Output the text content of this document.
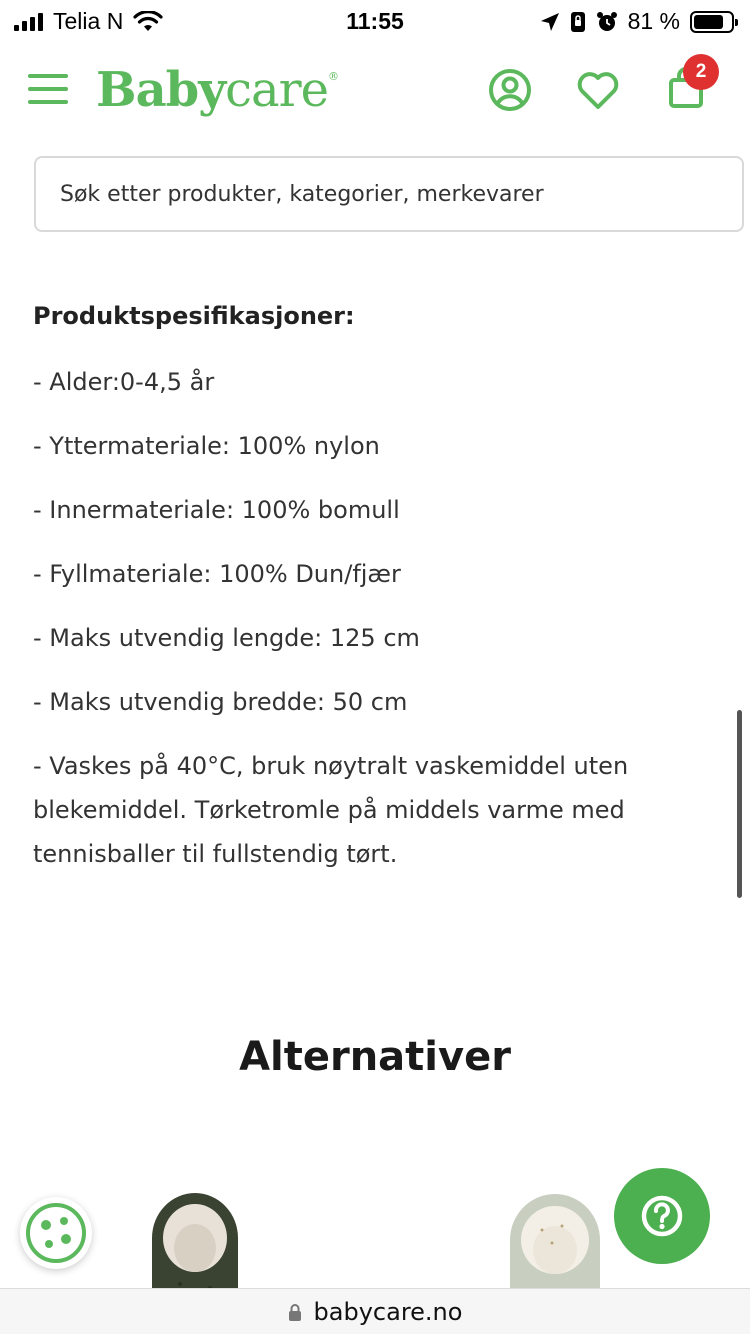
Telia N	11:55	81 %
Babycare®	2
Søk etter produkter, kategorier, merkevarer
Produktspesifikasjoner:

- Alder:0-4,5 år

- Yttermateriale: 100% nylon

- Innermateriale: 100% bomull

- Fyllmateriale: 100% Dun/fjær

- Maks utvendig lengde: 125 cm

- Maks utvendig bredde: 50 cm

- Vaskes på 40°C, bruk nøytralt vaskemiddel uten blekemiddel. Tørketromle på middels varme med tennisballer til fullstendig tørt.

Alternativer
babycare.no
